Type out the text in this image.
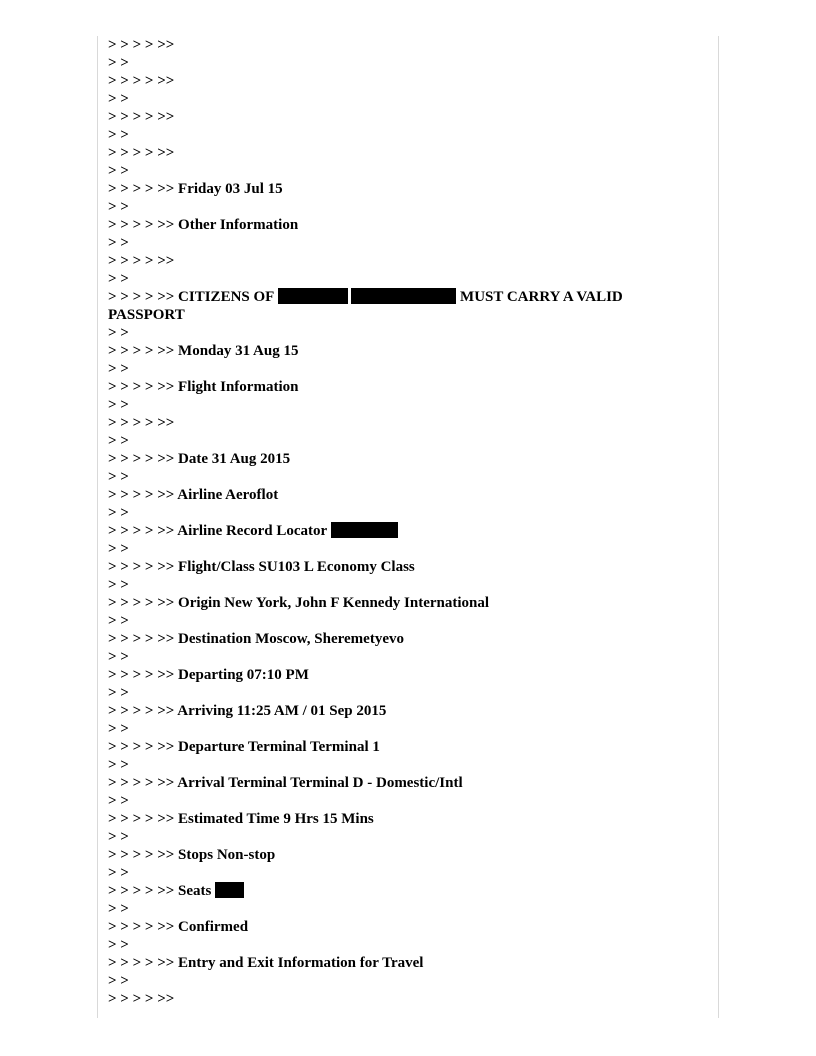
> > > > >>
> >
> > > > >>
> >
> > > > >>
> >
> > > > >>
> >
> > > > >> Friday 03 Jul 15
> >
> > > > >> Other Information
> >
> > > > >>
> >
> > > > >> CITIZENS OF	MUST CARRY A VALID PASSPORT
> >
> > > > >> Monday 31 Aug 15
> >
> > > > >> Flight Information
> >
> > > > >>
> >
> > > > >> Date 31 Aug 2015
> >
> > > > >> Airline Aeroflot
> >
> > > > >> Airline Record Locator
> >
> > > > >> Flight/Class SU103 L Economy Class
> >
> > > > >> Origin New York, John F Kennedy International
> >
> > > > >> Destination Moscow, Sheremetyevo
> >
> > > > >> Departing 07:10 PM
> >
> > > > >> Arriving 11:25 AM / 01 Sep 2015
> >
> > > > >> Departure Terminal Terminal 1
> >
> > > > >> Arrival Terminal Terminal D - Domestic/Intl
> >
> > > > >> Estimated Time 9 Hrs 15 Mins
> >
> > > > >> Stops Non-stop
> >
> > > > >> Seats
> >
> > > > >> Confirmed
> >
> > > > >> Entry and Exit Information for Travel
> >
> > > > >>
